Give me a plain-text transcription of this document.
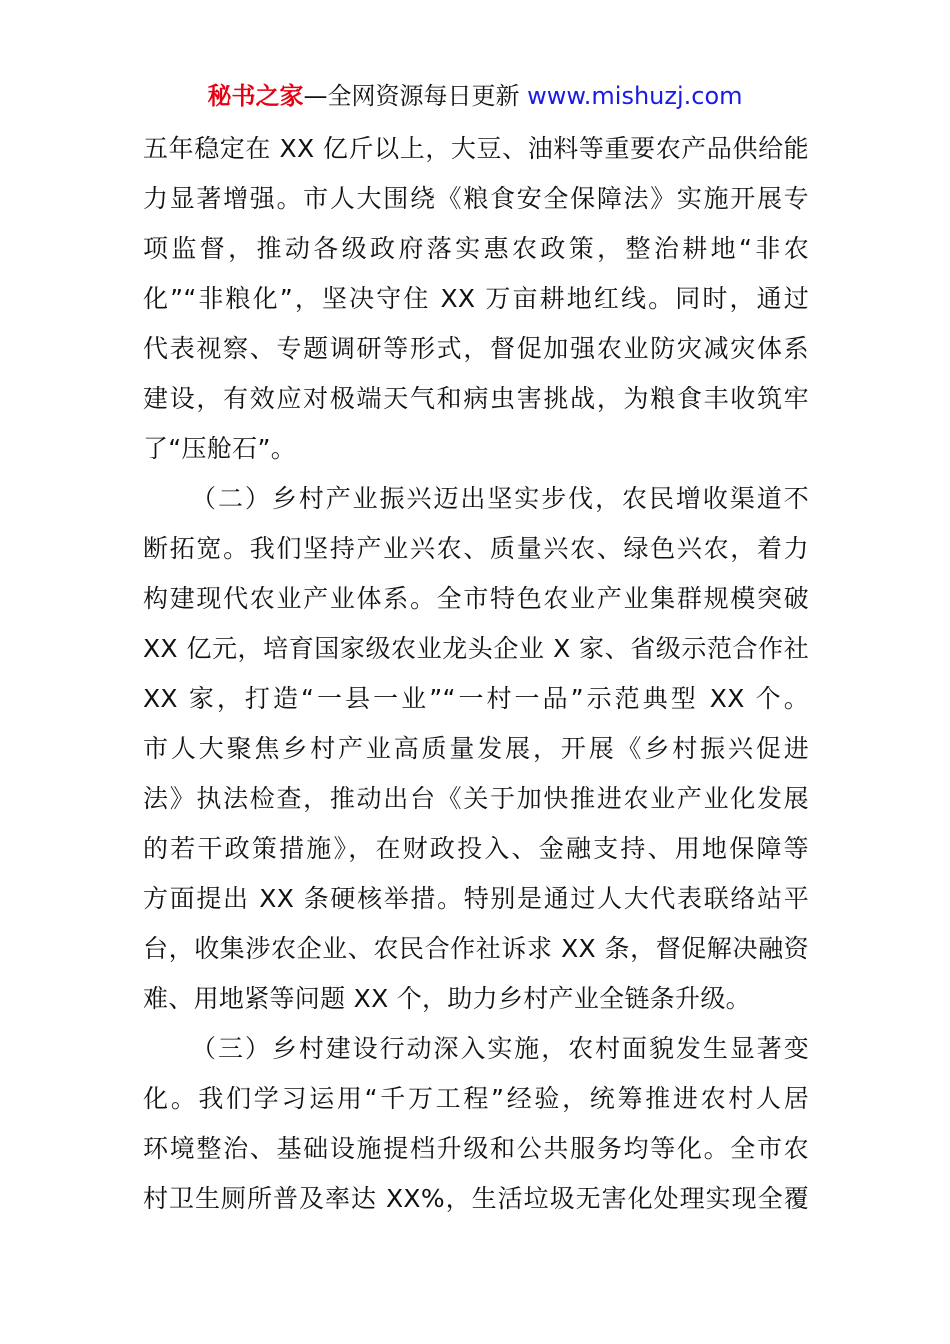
秘书之家—全网资源每日更新 www.mishuzj.com
五年稳定在 XX 亿斤以上，大豆、油料等重要农产品供给能
力显著增强。市人大围绕《粮食安全保障法》实施开展专
项监督，推动各级政府落实惠农政策，整治耕地“非农
化”“非粮化”，坚决守住 XX 万亩耕地红线。同时，通过
代表视察、专题调研等形式，督促加强农业防灾减灾体系
建设，有效应对极端天气和病虫害挑战，为粮食丰收筑牢
了“压舱石”。
（二）乡村产业振兴迈出坚实步伐，农民增收渠道不
断拓宽。我们坚持产业兴农、质量兴农、绿色兴农，着力
构建现代农业产业体系。全市特色农业产业集群规模突破
XX 亿元，培育国家级农业龙头企业 X 家、省级示范合作社
XX 家，打造“一县一业”“一村一品”示范典型 XX 个。
市人大聚焦乡村产业高质量发展，开展《乡村振兴促进
法》执法检查，推动出台《关于加快推进农业产业化发展
的若干政策措施》，在财政投入、金融支持、用地保障等
方面提出 XX 条硬核举措。特别是通过人大代表联络站平
台，收集涉农企业、农民合作社诉求 XX 条，督促解决融资
难、用地紧等问题 XX 个，助力乡村产业全链条升级。
（三）乡村建设行动深入实施，农村面貌发生显著变
化。我们学习运用“千万工程”经验，统筹推进农村人居
环境整治、基础设施提档升级和公共服务均等化。全市农
村卫生厕所普及率达 XX%，生活垃圾无害化处理实现全覆
